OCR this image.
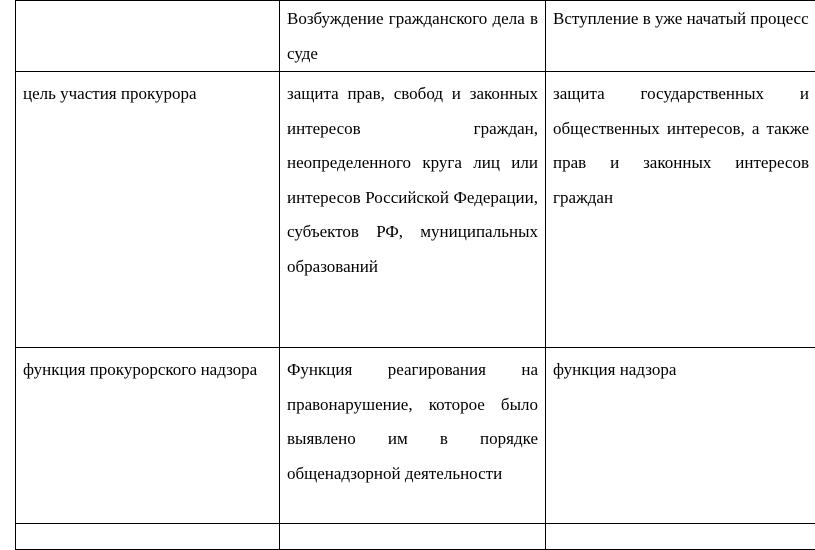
	Возбуждение гражданского дела в суде	Вступление в уже начатый процесс
цель участия прокурора	защита прав, свобод и законных интересов граждан, неопределенного круга лиц или интересов Российской Федерации, субъектов РФ, муниципальных образований	защита государственных и общественных интересов, а также прав и законных интересов граждан
функция прокурорского надзора	Функция реагирования на правонарушение, которое было выявлено им в порядке общенадзорной деятельности	функция надзора
